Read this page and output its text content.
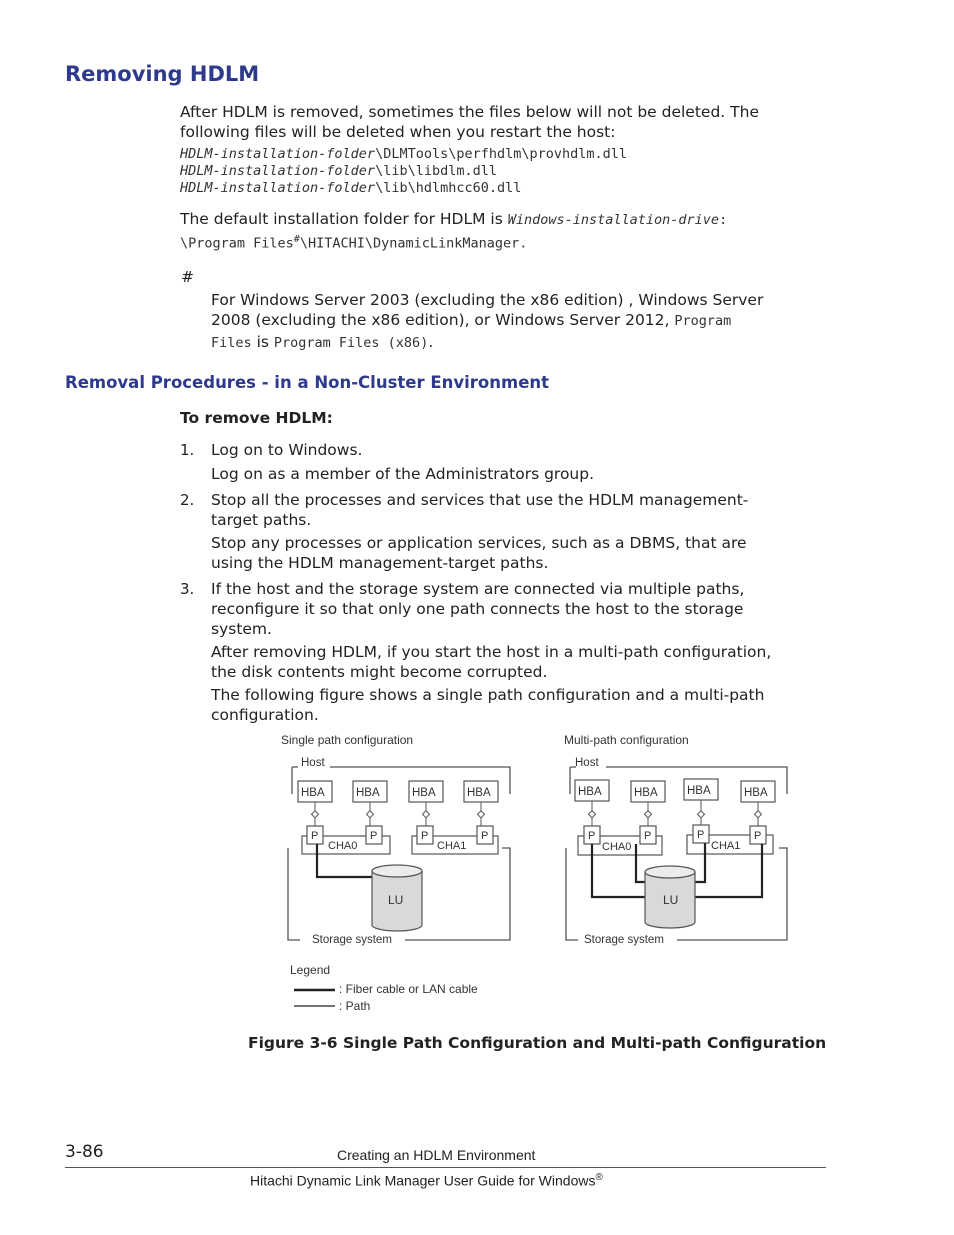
Removing HDLM
After HDLM is removed, sometimes the files below will not be deleted. The
following files will be deleted when you restart the host:
HDLM-installation-folder\DLMTools\perfhdlm\provhdlm.dll
HDLM-installation-folder\lib\libdlm.dll
HDLM-installation-folder\lib\hdlmhcc60.dll
The default installation folder for HDLM is Windows-installation-drive:
\Program Files#\HITACHI\DynamicLinkManager.
#
For Windows Server 2003 (excluding the x86 edition) , Windows Server
2008 (excluding the x86 edition), or Windows Server 2012, Program
Files is Program Files (x86).
Removal Procedures - in a Non-Cluster Environment
To remove HDLM:
1. Log on to Windows.
Log on as a member of the Administrators group.
2. Stop all the processes and services that use the HDLM management-
target paths.
Stop any processes or application services, such as a DBMS, that are
using the HDLM management-target paths.
3. If the host and the storage system are connected via multiple paths,
reconfigure it so that only one path connects the host to the storage
system.
After removing HDLM, if you start the host in a multi-path configuration,
the disk contents might become corrupted.
The following figure shows a single path configuration and a multi-path
configuration.
Single path configuration	Multi-path configuration
Host
HBA	HBA	HBA	HBA
CHA0	CHA1
P	P	P	P
Storage system
LU
Host
HBA	HBA	HBA	HBA
CHA0	CHA1
P	P	P	P
Storage system
LU
Legend
: Fiber cable or LAN cable
: Path
Figure 3-6 Single Path Configuration and Multi-path Configuration
3-86	Creating an HDLM Environment
Hitachi Dynamic Link Manager User Guide for Windows®
